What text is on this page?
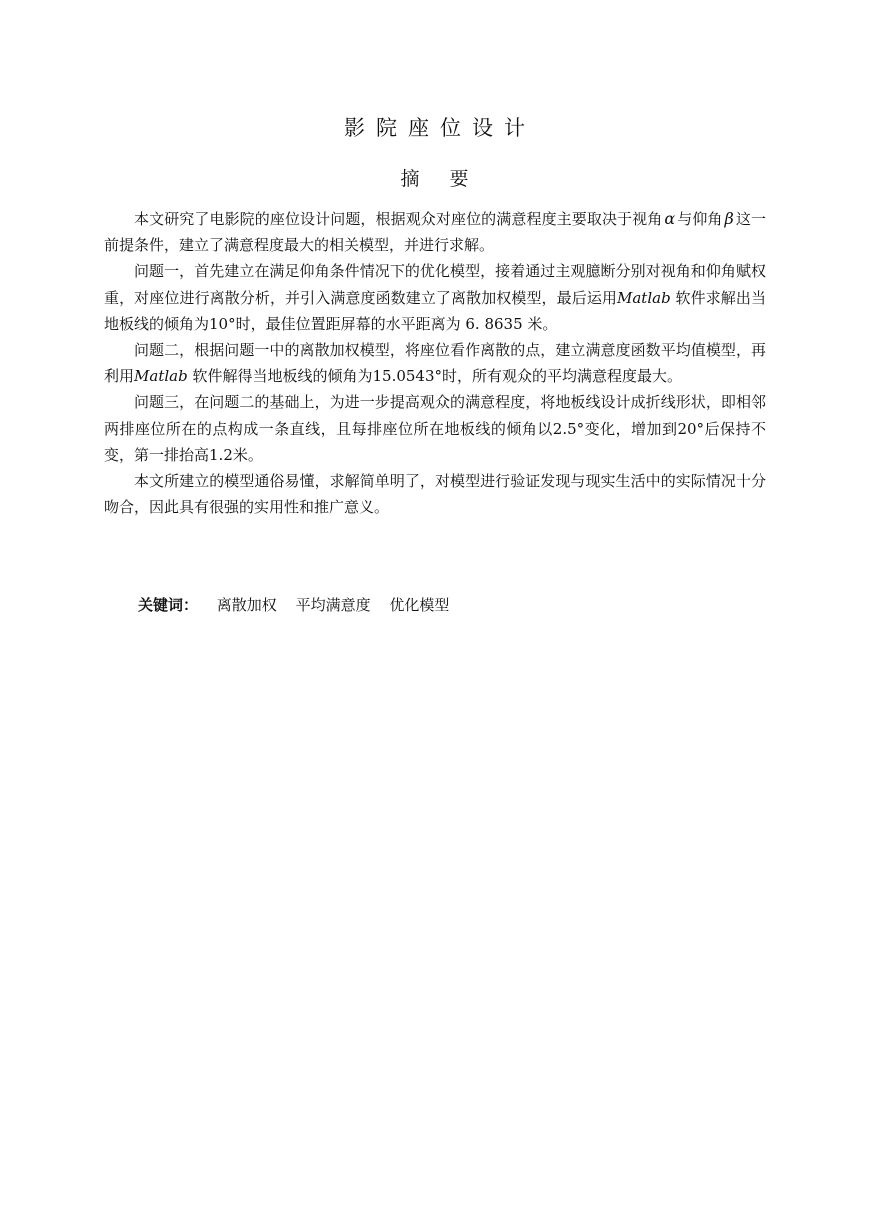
影院座位设计
摘要

本文研究了电影院的座位设计问题，根据观众对座位的满意程度主要取决于视角 α 与仰角 β 这一前提条件，建立了满意程度最大的相关模型，并进行求解。

问题一，首先建立在满足仰角条件情况下的优化模型，接着通过主观臆断分别对视角和仰角赋权重，对座位进行离散分析，并引入满意度函数建立了离散加权模型，最后运用Matlab 软件求解出当地板线的倾角为10°时，最佳位置距屏幕的水平距离为 6. 8635 米。

问题二，根据问题一中的离散加权模型，将座位看作离散的点，建立满意度函数平均值模型，再利用Matlab 软件解得当地板线的倾角为15.0543°时，所有观众的平均满意程度最大。

问题三，在问题二的基础上，为进一步提高观众的满意程度，将地板线设计成折线形状，即相邻两排座位所在的点构成一条直线，且每排座位所在地板线的倾角以2.5°变化，增加到20°后保持不变，第一排抬高1.2米。

本文所建立的模型通俗易懂，求解简单明了，对模型进行验证发现与现实生活中的实际情况十分吻合，因此具有很强的实用性和推广意义。

关键词： 离散加权 平均满意度 优化模型
